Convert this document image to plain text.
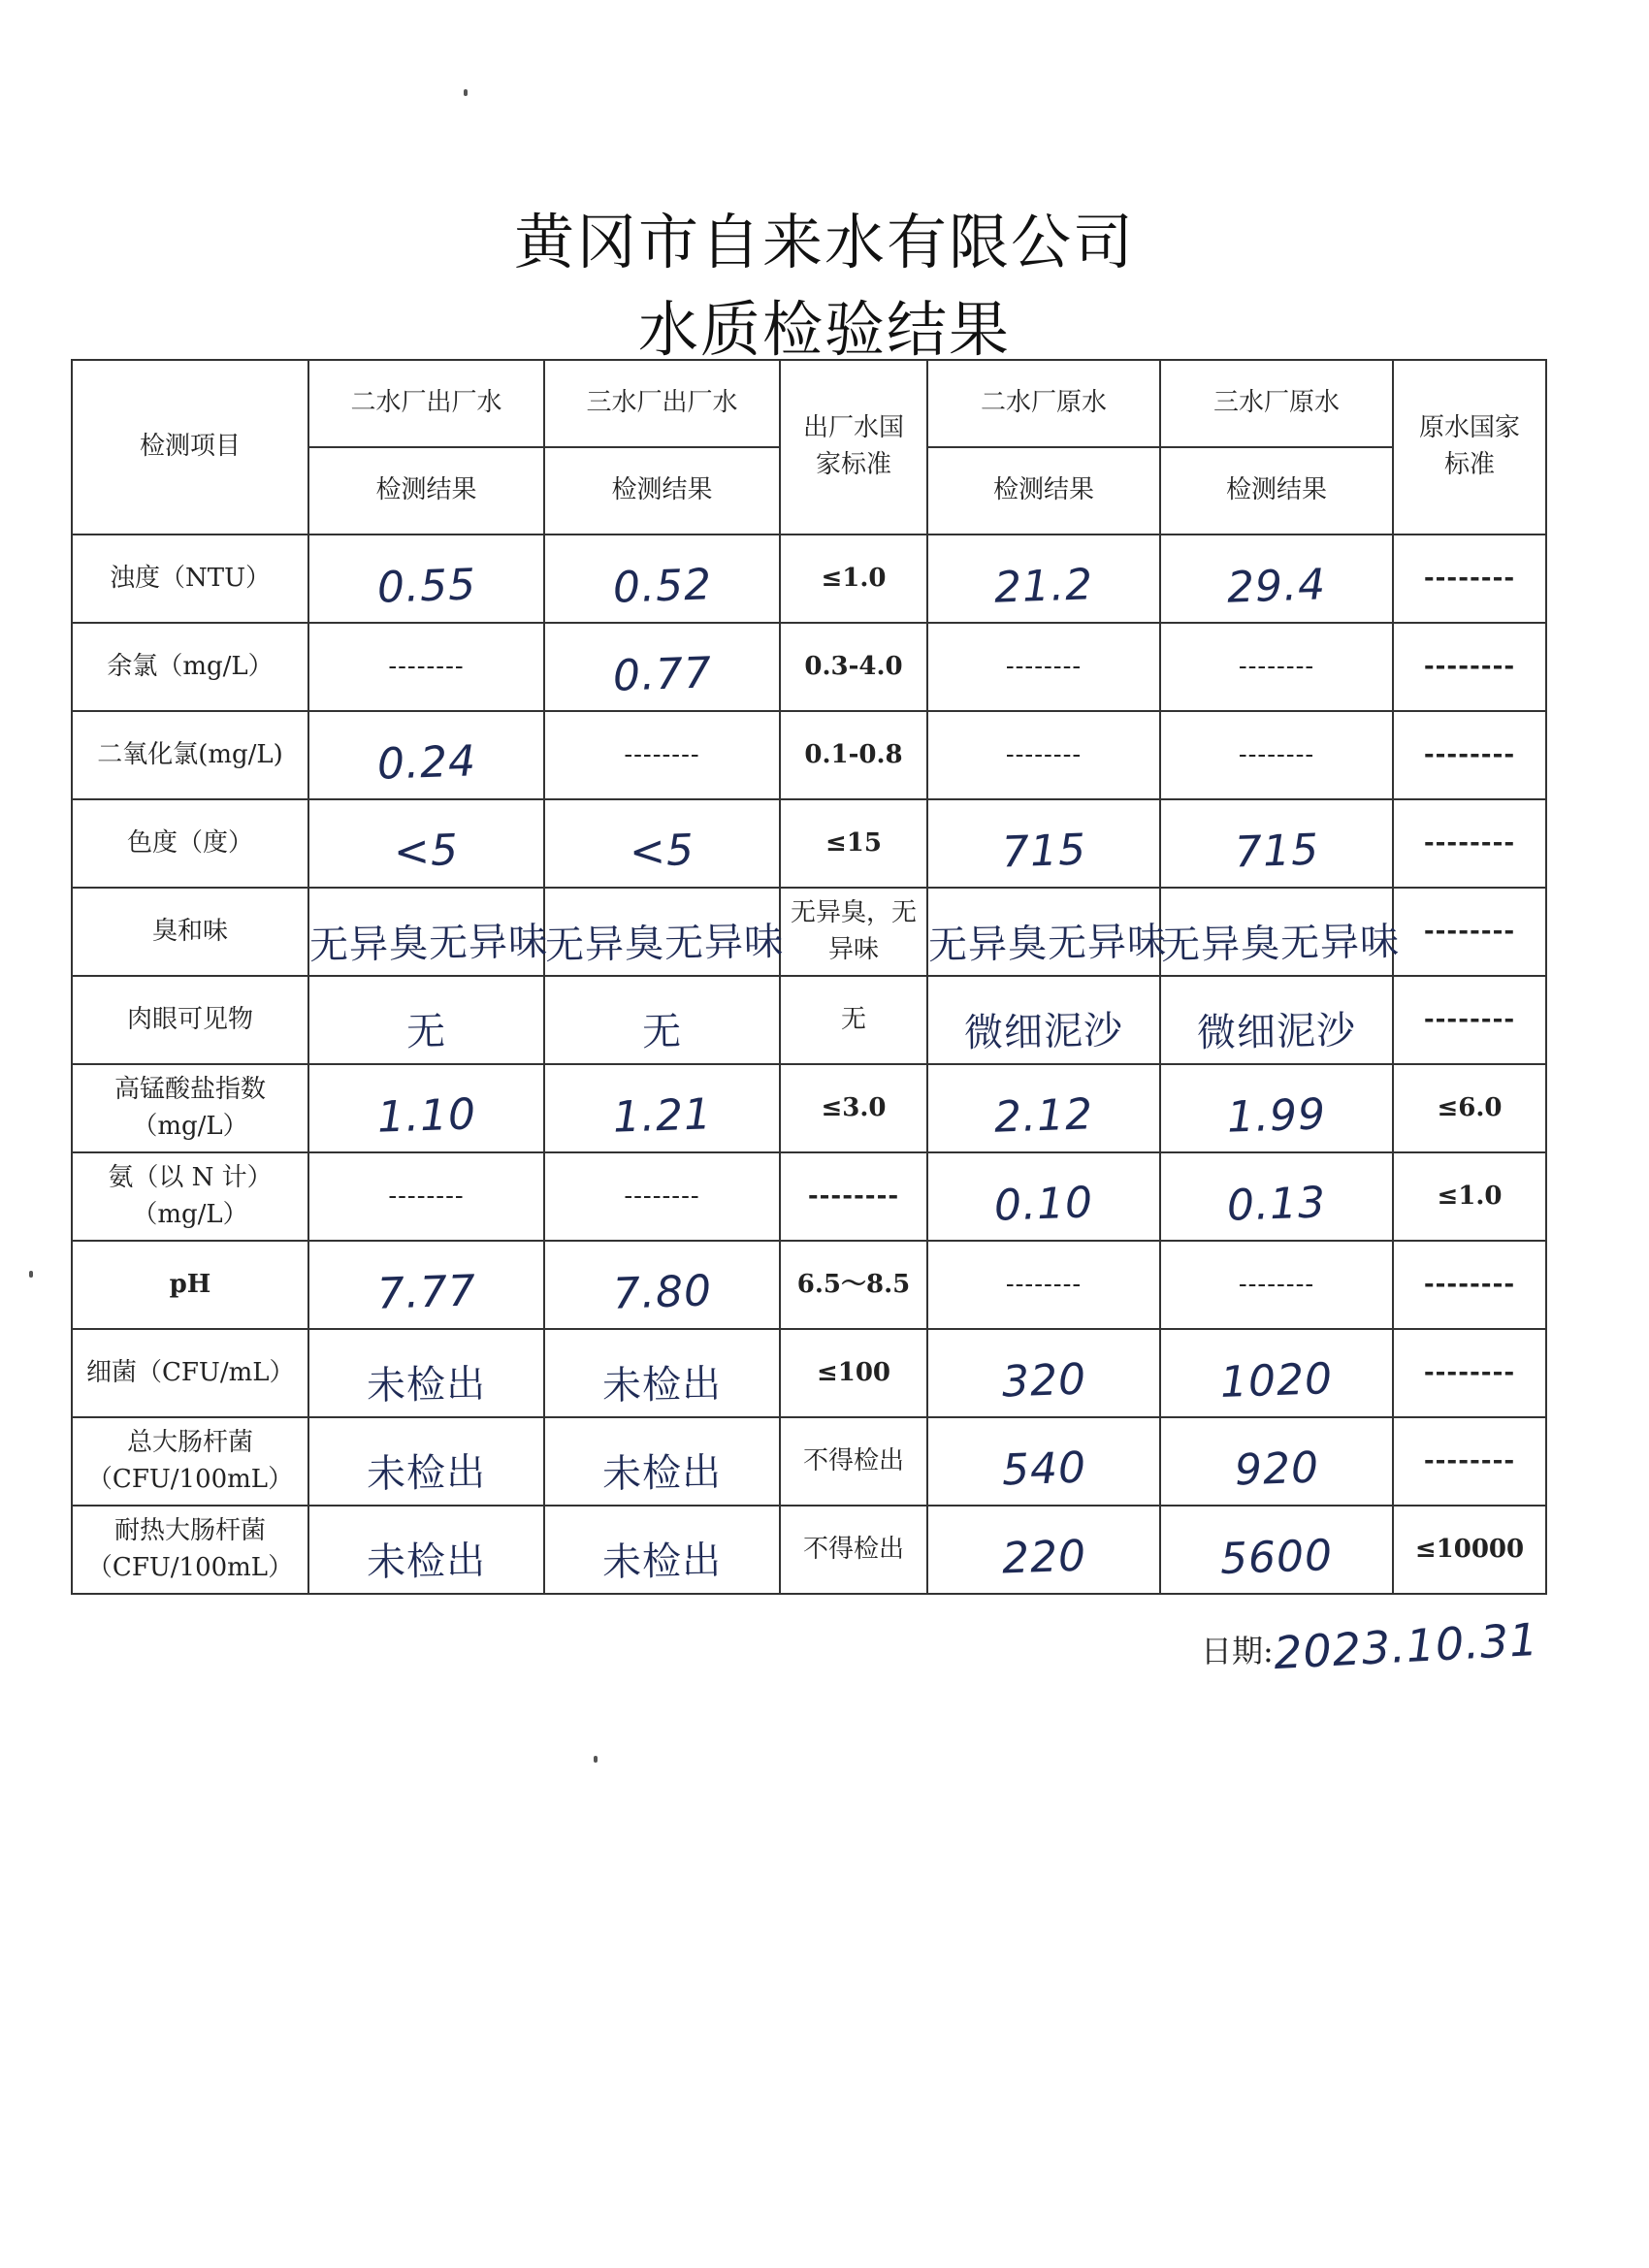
黄冈市自来水有限公司
水质检验结果
检测项目	二水厂出厂水	三水厂出厂水	出厂水国家标准	二水厂原水	三水厂原水	原水国家标准
	检测结果	检测结果		检测结果	检测结果	
浊度（NTU）	0.55	0.52	≤1.0	21.2	29.4	--------
余氯（mg/L）	--------	0.77	0.3-4.0	--------	--------	--------
二氧化氯(mg/L)	0.24	--------	0.1-0.8	--------	--------	--------
色度（度）	<5	<5	≤15	715	715	--------
臭和味	无异臭无异味	无异臭无异味	无异臭，无异味	无异臭无异味	无异臭无异味	--------
肉眼可见物	无	无	无	微细泥沙	微细泥沙	--------
高锰酸盐指数（mg/L）	1.10	1.21	≤3.0	2.12	1.99	≤6.0
氨（以 N 计）（mg/L）	--------	--------	--------	0.10	0.13	≤1.0
pH	7.77	7.80	6.5～8.5	--------	--------	--------
细菌（CFU/mL）	未检出	未检出	≤100	320	1020	--------
总大肠杆菌（CFU/100mL）	未检出	未检出	不得检出	540	920	--------
耐热大肠杆菌（CFU/100mL）	未检出	未检出	不得检出	220	5600	≤10000
日期:2023.10.31
